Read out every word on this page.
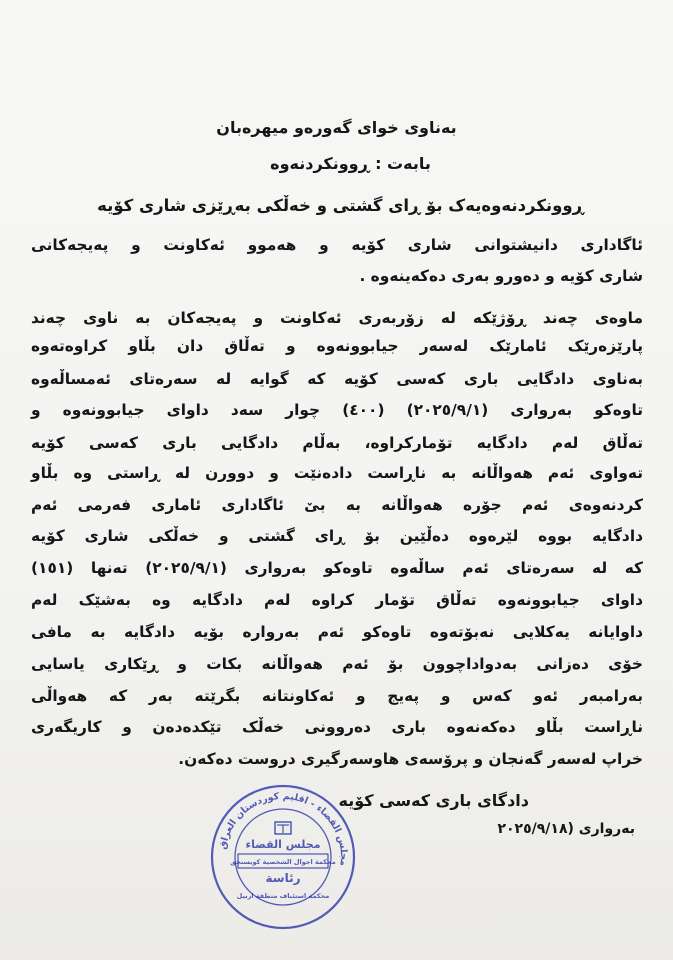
بەناوی خوای گەورەو میهرەبان
بابەت : ڕوونکردنەوە
ڕوونکردنەوەیەک بۆ ڕای گشتی و خەڵکی بەڕێزی شاری کۆیە
ئاگاداری دانیشتوانی شاری کۆیە و هەموو ئەکاونت و پەیجەکانی
شاری کۆیە و دەورو بەری دەکەینەوە .
ماوەی چەند ڕۆژێکە لە زۆربەری ئەکاونت و پەیجەکان بە ناوی چەند
پارێزەرێک ئامارێک لەسەر جیابوونەوە و تەڵاق دان بڵاو کراوەتەوە
بەناوی دادگایی باری کەسی کۆیە کە گوایە لە سەرەتای ئەمساڵەوە
تاوەکو بەرواری (٢٠٢٥/٩/١) (٤٠٠) چوار سەد داوای جیابوونەوە و
تەڵاق لەم دادگایە تۆمارکراوە، بەڵام دادگایی باری کەسی کۆیە
تەواوی ئەم هەواڵانە بە ناڕاست دادەنێت و دوورن لە ڕاستی وە بڵاو
کردنەوەی ئەم جۆرە هەواڵانە بە بێ ئاگاداری ئاماری فەرمی ئەم
دادگایە بووە لێرەوە دەڵێین بۆ ڕای گشتی و خەڵکی شاری کۆیە
کە لە سەرەتای ئەم ساڵەوە تاوەکو بەرواری (٢٠٢٥/٩/١) تەنها (١٥١)
داوای جیابوونەوە تەڵاق تۆمار کراوە لەم دادگایە وە بەشێک لەم
داوایانە یەکلایی نەبۆتەوە تاوەکو ئەم بەروارە بۆیە دادگایە بە مافی
خۆی دەزانی بەدواداچوون بۆ ئەم هەواڵانە بکات و ڕێکاری یاسایی
بەرامبەر ئەو کەس و پەیج و ئەکاونتانە بگرێتە بەر کە هەواڵی
ناڕاست بڵاو دەکەنەوە باری دەروونی خەڵک تێکدەدەن و کاریگەری
خراپ لەسەر گەنجان و پرۆسەی هاوسەرگیری دروست دەکەن.
دادگای باری کەسی کۆیە
بەرواری (٢٠٢٥/٩/١٨
مجلس القضاء - اقليم كوردستان العراق
مجلس القضاء
محكمة احوال الشخصية كويسنجق
رئاسة
محكمة استئناف منطقة اربيل
